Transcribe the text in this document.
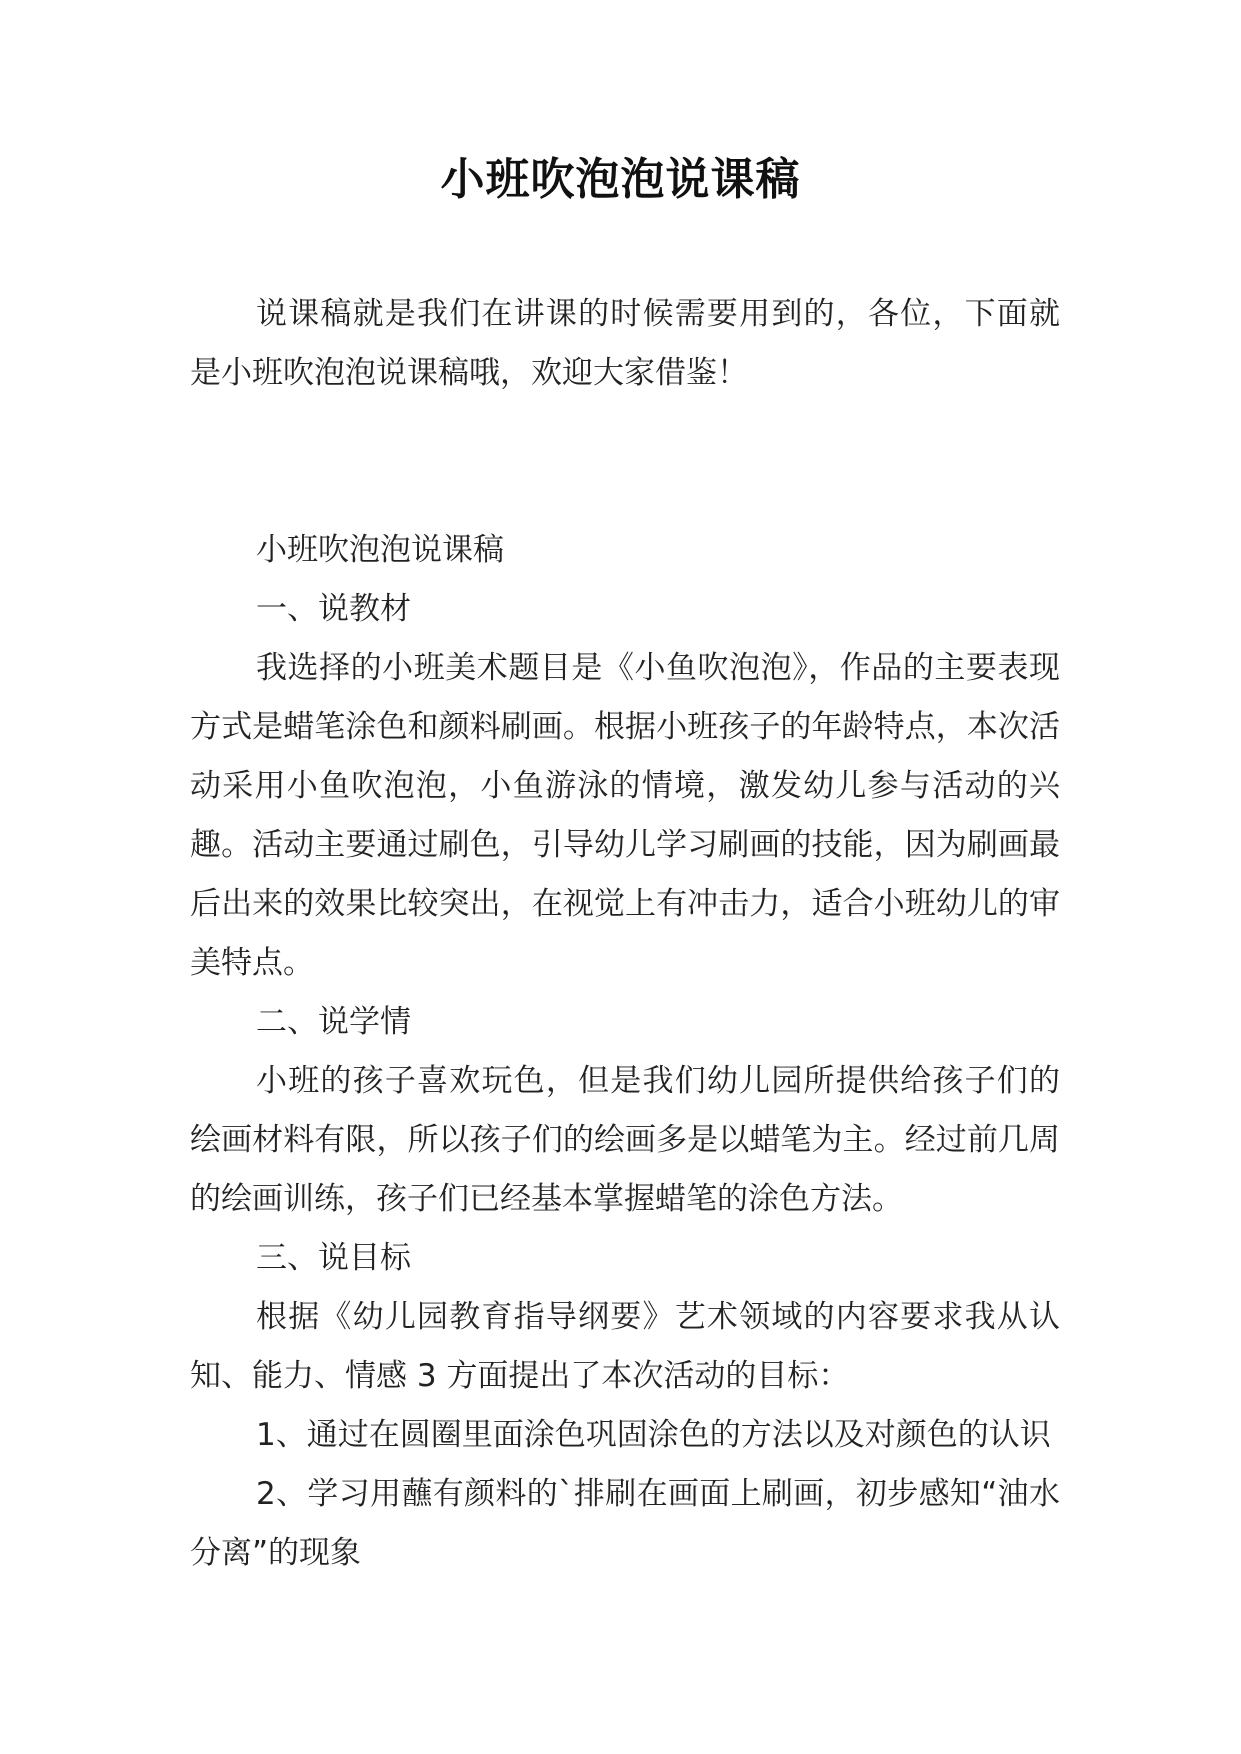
小班吹泡泡说课稿

说课稿就是我们在讲课的时候需要用到的，各位，下面就是小班吹泡泡说课稿哦，欢迎大家借鉴！

小班吹泡泡说课稿

一、说教材

我选择的小班美术题目是《小鱼吹泡泡》，作品的主要表现方式是蜡笔涂色和颜料刷画。根据小班孩子的年龄特点，本次活动采用小鱼吹泡泡，小鱼游泳的情境，激发幼儿参与活动的兴趣。活动主要通过刷色，引导幼儿学习刷画的技能，因为刷画最后出来的效果比较突出，在视觉上有冲击力，适合小班幼儿的审美特点。

二、说学情

小班的孩子喜欢玩色，但是我们幼儿园所提供给孩子们的绘画材料有限，所以孩子们的绘画多是以蜡笔为主。经过前几周的绘画训练，孩子们已经基本掌握蜡笔的涂色方法。

三、说目标

根据《幼儿园教育指导纲要》艺术领域的内容要求我从认知、能力、情感 3 方面提出了本次活动的目标：

1、通过在圆圈里面涂色巩固涂色的方法以及对颜色的认识

2、学习用蘸有颜料的`排刷在画面上刷画，初步感知“油水分离”的现象
